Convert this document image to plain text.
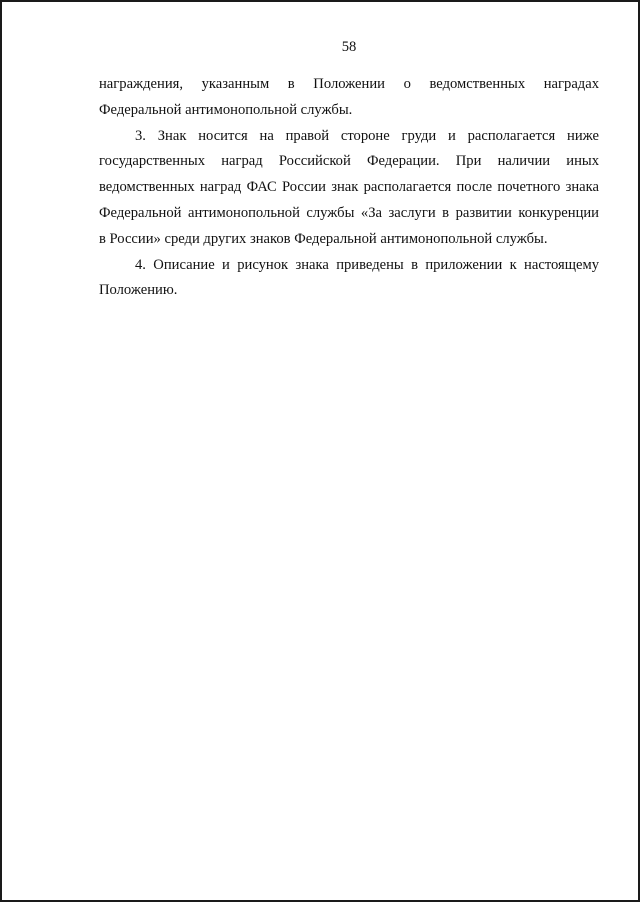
58
награждения, указанным в Положении о ведомственных наградах
Федеральной антимонопольной службы.
3. Знак носится на правой стороне груди и располагается ниже
государственных наград Российской Федерации. При наличии иных
ведомственных наград ФАС России знак располагается после почетного знака
Федеральной антимонопольной службы «За заслуги в развитии конкуренции
в России» среди других знаков Федеральной антимонопольной службы.
4. Описание и рисунок знака приведены в приложении к настоящему
Положению.
